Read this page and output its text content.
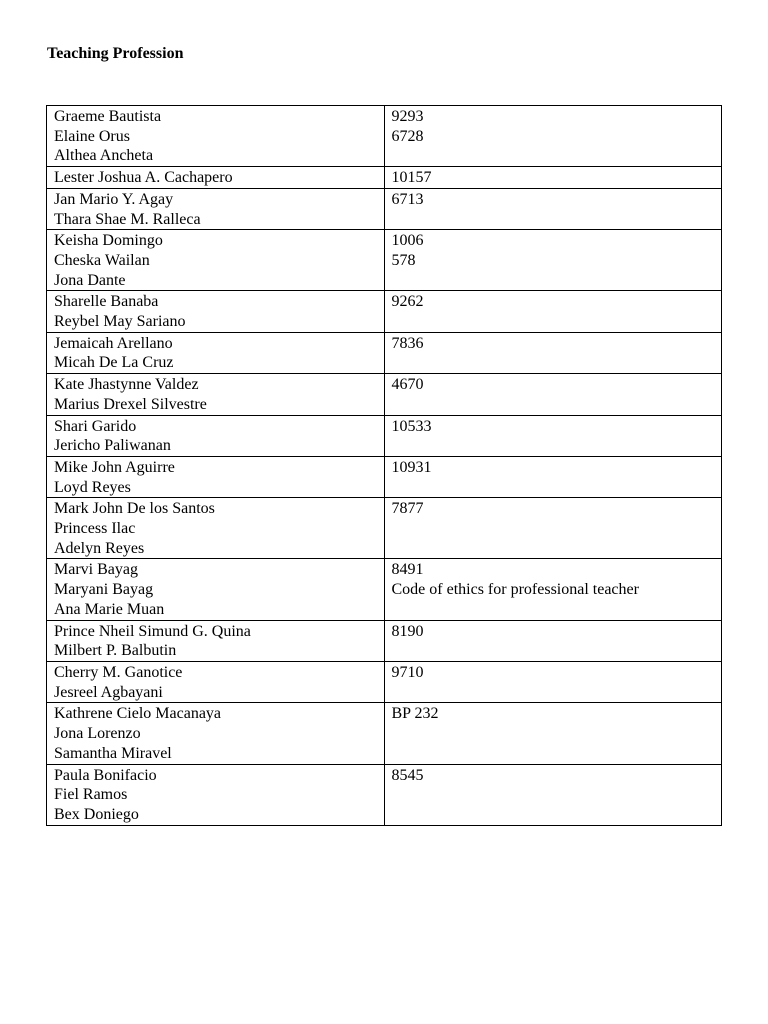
Teaching Profession
Graeme Bautista
Elaine Orus
Althea Ancheta	9293
6728

Lester Joshua A. Cachapero	10157

Jan Mario Y. Agay
Thara Shae M. Ralleca	6713

Keisha Domingo
Cheska Wailan
Jona Dante	1006
578

Sharelle Banaba
Reybel May Sariano	9262

Jemaicah Arellano
Micah De La Cruz	7836

Kate Jhastynne Valdez
Marius Drexel Silvestre	4670

Shari Garido
Jericho Paliwanan	10533

Mike John Aguirre
Loyd Reyes	10931

Mark John De los Santos
Princess Ilac
Adelyn Reyes	7877

Marvi Bayag
Maryani Bayag
Ana Marie Muan	8491
Code of ethics for professional teacher

Prince Nheil Simund G. Quina
Milbert P. Balbutin	8190

Cherry M. Ganotice
Jesreel Agbayani	9710

Kathrene Cielo Macanaya
Jona Lorenzo
Samantha Miravel	BP 232

Paula Bonifacio
Fiel Ramos
Bex Doniego	8545
